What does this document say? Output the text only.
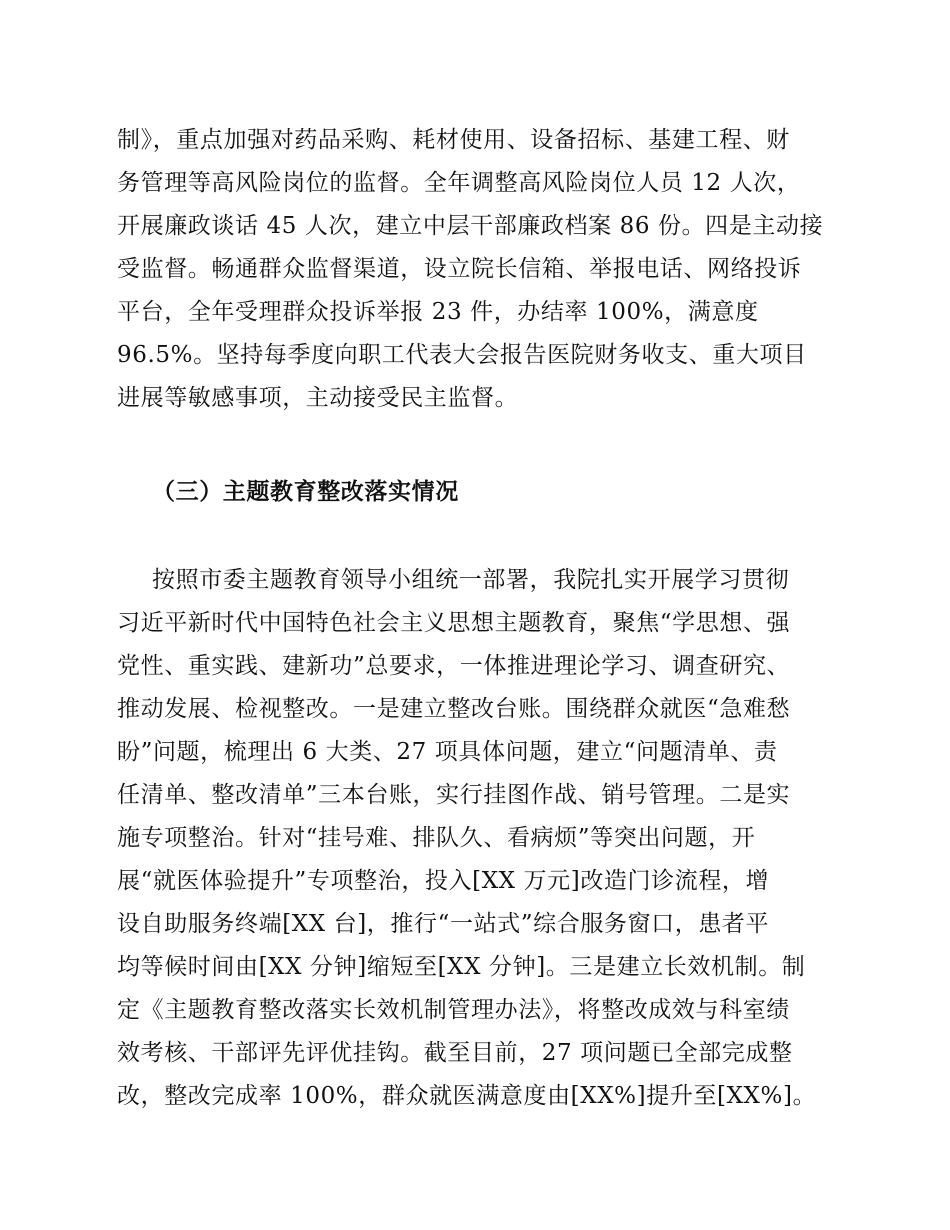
制》，重点加强对药品采购、耗材使用、设备招标、基建工程、财
务管理等高风险岗位的监督。全年调整高风险岗位人员 12 人次，
开展廉政谈话 45 人次，建立中层干部廉政档案 86 份。四是主动接
受监督。畅通群众监督渠道，设立院长信箱、举报电话、网络投诉
平台，全年受理群众投诉举报 23 件，办结率 100%，满意度
96.5%。坚持每季度向职工代表大会报告医院财务收支、重大项目
进展等敏感事项，主动接受民主监督。
（三）主题教育整改落实情况
按照市委主题教育领导小组统一部署，我院扎实开展学习贯彻
习近平新时代中国特色社会主义思想主题教育，聚焦“学思想、强
党性、重实践、建新功”总要求，一体推进理论学习、调查研究、
推动发展、检视整改。一是建立整改台账。围绕群众就医“急难愁
盼”问题，梳理出 6 大类、27 项具体问题，建立“问题清单、责
任清单、整改清单”三本台账，实行挂图作战、销号管理。二是实
施专项整治。针对“挂号难、排队久、看病烦”等突出问题，开
展“就医体验提升”专项整治，投入[XX 万元]改造门诊流程，增
设自助服务终端[XX 台]，推行“一站式”综合服务窗口，患者平
均等候时间由[XX 分钟]缩短至[XX 分钟]。三是建立长效机制。制
定《主题教育整改落实长效机制管理办法》，将整改成效与科室绩
效考核、干部评先评优挂钩。截至目前，27 项问题已全部完成整
改，整改完成率 100%，群众就医满意度由[XX%]提升至[XX%]。
